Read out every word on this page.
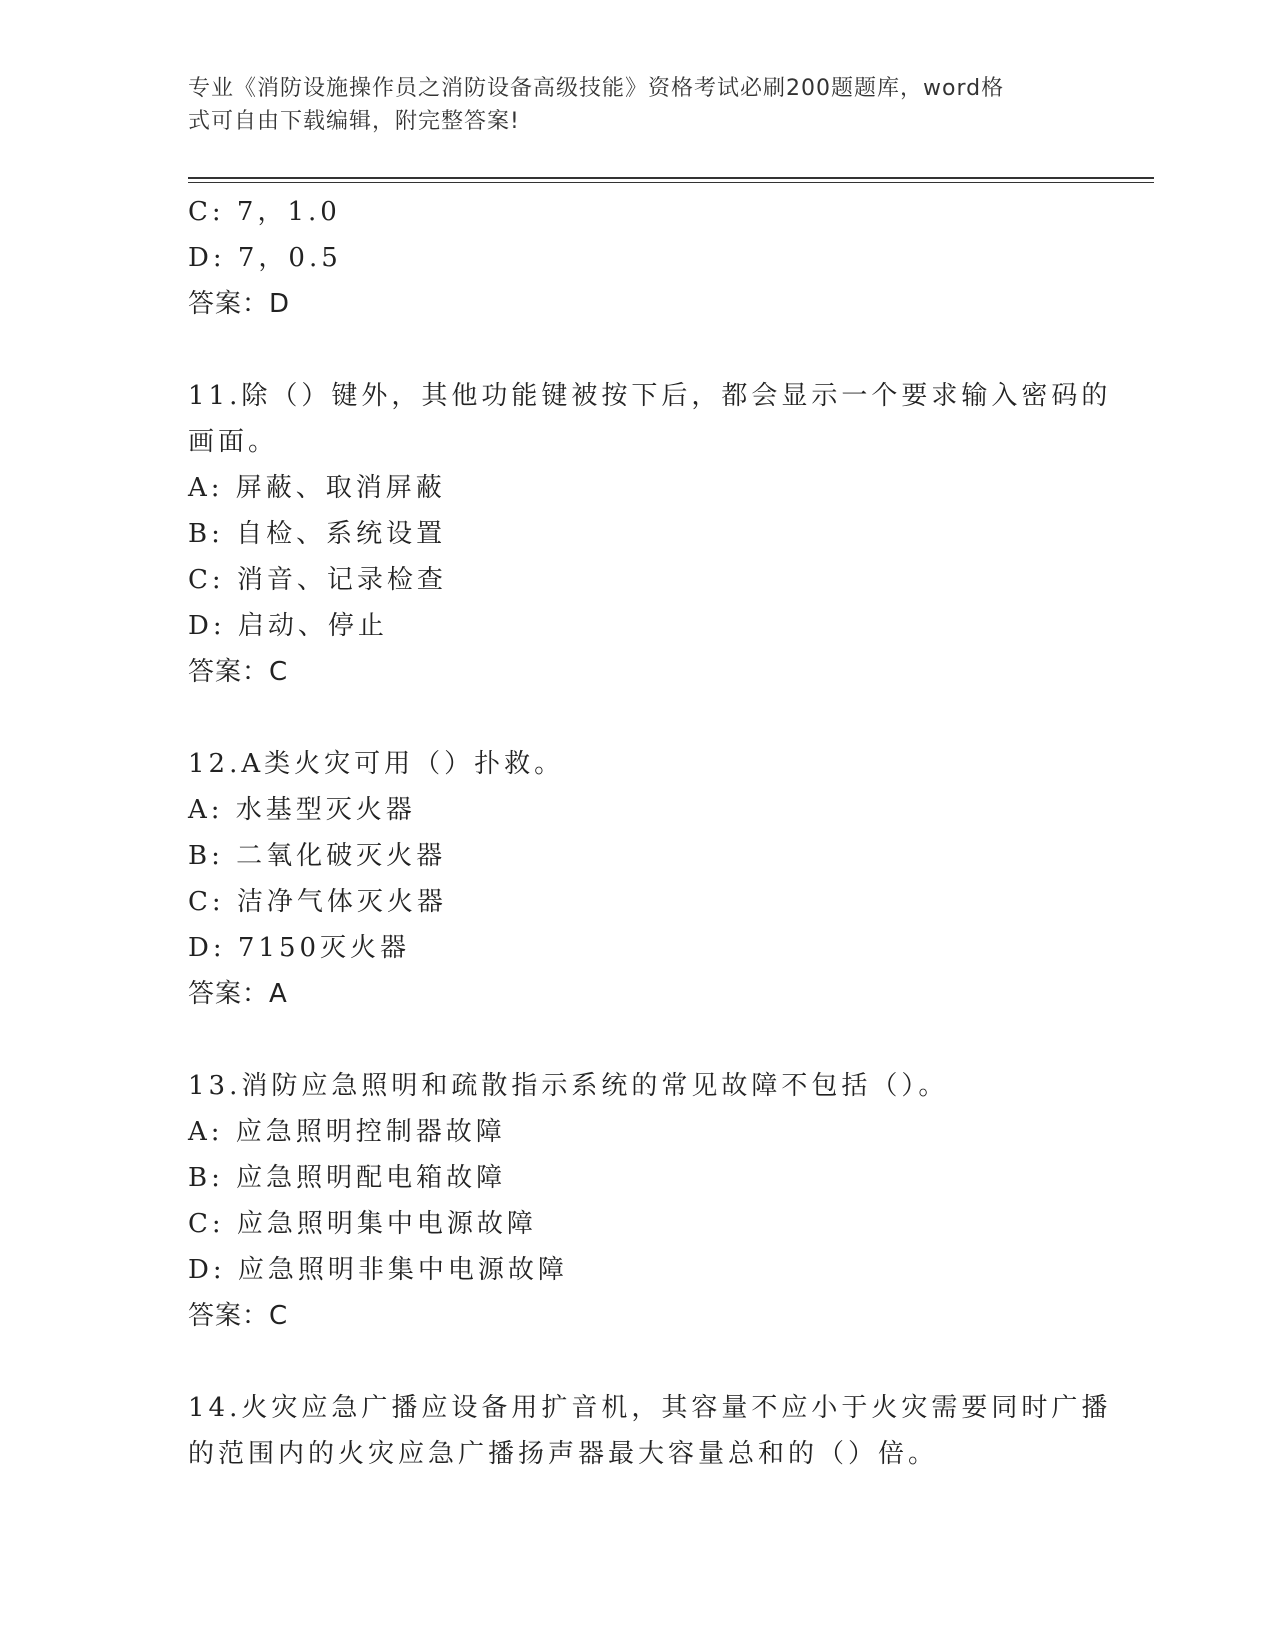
专业《消防设施操作员之消防设备高级技能》资格考试必刷200题题库，word格
式可自由下载编辑，附完整答案!
C: 7，1.0
D: 7，0.5
答案：D
11.除（）键外，其他功能键被按下后，都会显示一个要求输入密码的
画面。
A: 屏蔽、取消屏蔽
B: 自检、系统设置
C: 消音、记录检查
D: 启动、停止
答案：C
12.A类火灾可用（）扑救。
A: 水基型灭火器
B: 二氧化破灭火器
C: 洁净气体灭火器
D: 7150灭火器
答案：A
13.消防应急照明和疏散指示系统的常见故障不包括（）。
A: 应急照明控制器故障
B: 应急照明配电箱故障
C: 应急照明集中电源故障
D: 应急照明非集中电源故障
答案：C
14.火灾应急广播应设备用扩音机，其容量不应小于火灾需要同时广播
的范围内的火灾应急广播扬声器最大容量总和的（）倍。
